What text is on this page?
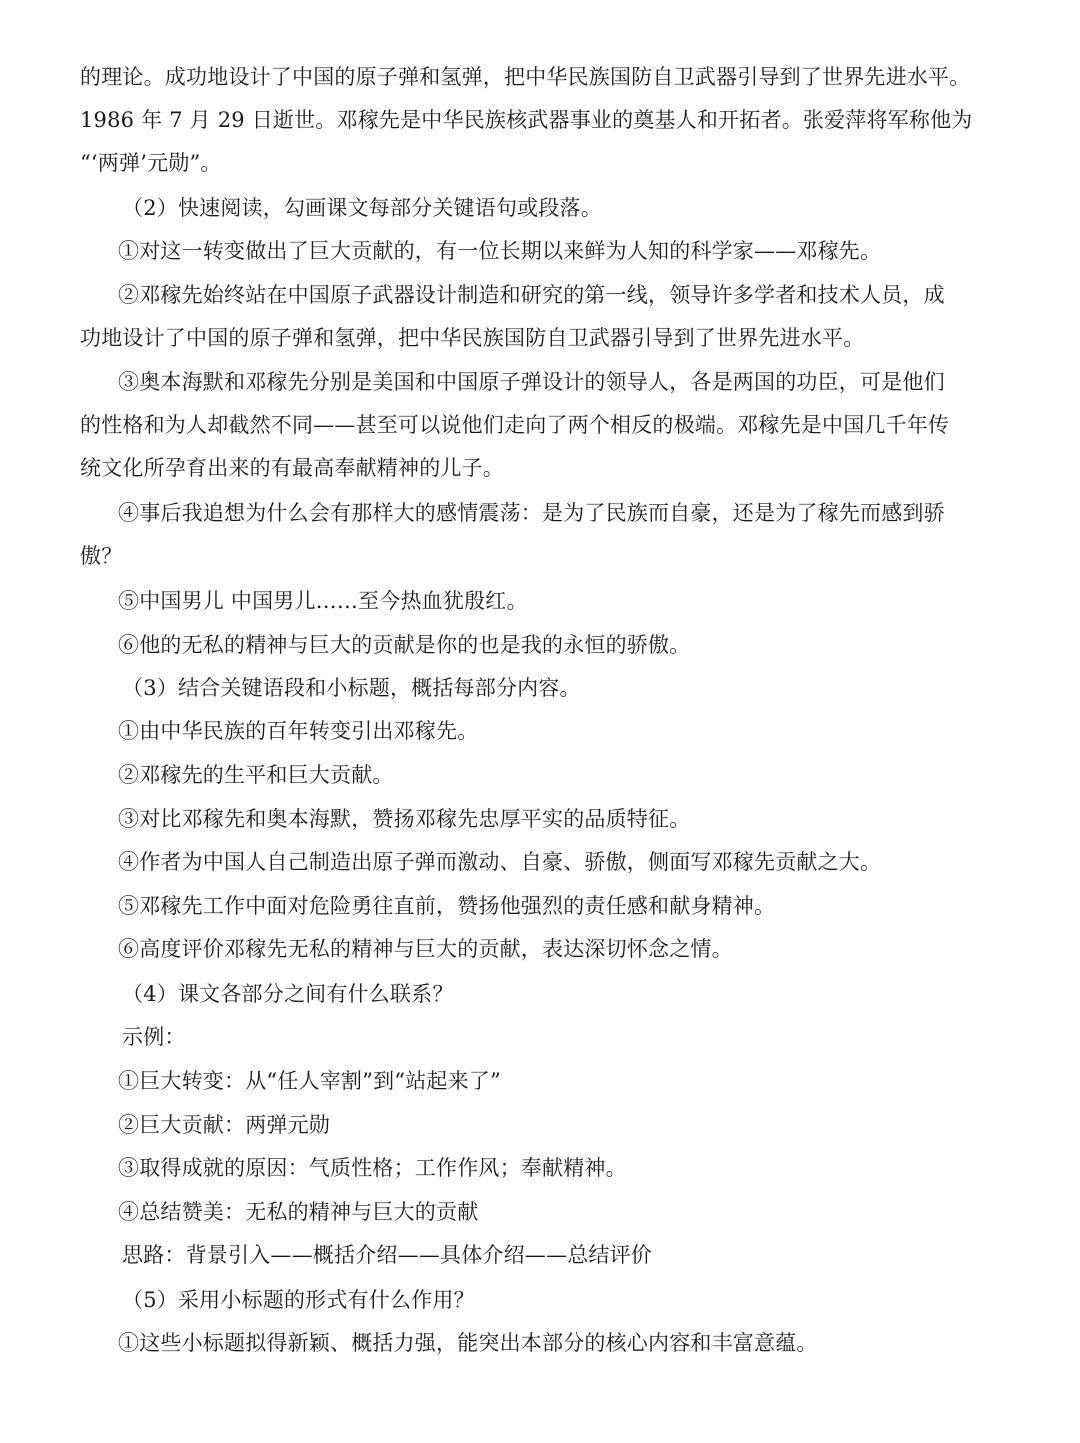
的理论。成功地设计了中国的原子弹和氢弹，把中华民族国防自卫武器引导到了世界先进水平。
1986 年 7 月 29 日逝世。邓稼先是中华民族核武器事业的奠基人和开拓者。张爱萍将军称他为
“‘两弹’元勋”。
（2）快速阅读，勾画课文每部分关键语句或段落。
①对这一转变做出了巨大贡献的，有一位长期以来鲜为人知的科学家——邓稼先。
②邓稼先始终站在中国原子武器设计制造和研究的第一线，领导许多学者和技术人员，成
功地设计了中国的原子弹和氢弹，把中华民族国防自卫武器引导到了世界先进水平。
③奥本海默和邓稼先分别是美国和中国原子弹设计的领导人，各是两国的功臣，可是他们
的性格和为人却截然不同——甚至可以说他们走向了两个相反的极端。邓稼先是中国几千年传
统文化所孕育出来的有最高奉献精神的儿子。
④事后我追想为什么会有那样大的感情震荡：是为了民族而自豪，还是为了稼先而感到骄
傲？
⑤中国男儿 中国男儿……至今热血犹殷红。
⑥他的无私的精神与巨大的贡献是你的也是我的永恒的骄傲。
（3）结合关键语段和小标题，概括每部分内容。
①由中华民族的百年转变引出邓稼先。
②邓稼先的生平和巨大贡献。
③对比邓稼先和奥本海默，赞扬邓稼先忠厚平实的品质特征。
④作者为中国人自己制造出原子弹而激动、自豪、骄傲，侧面写邓稼先贡献之大。
⑤邓稼先工作中面对危险勇往直前，赞扬他强烈的责任感和献身精神。
⑥高度评价邓稼先无私的精神与巨大的贡献，表达深切怀念之情。
（4）课文各部分之间有什么联系？
示例：
①巨大转变：从“任人宰割”到“站起来了”
②巨大贡献：两弹元勋
③取得成就的原因：气质性格；工作作风；奉献精神。
④总结赞美：无私的精神与巨大的贡献
思路：背景引入——概括介绍——具体介绍——总结评价
（5）采用小标题的形式有什么作用？
①这些小标题拟得新颖、概括力强，能突出本部分的核心内容和丰富意蕴。
